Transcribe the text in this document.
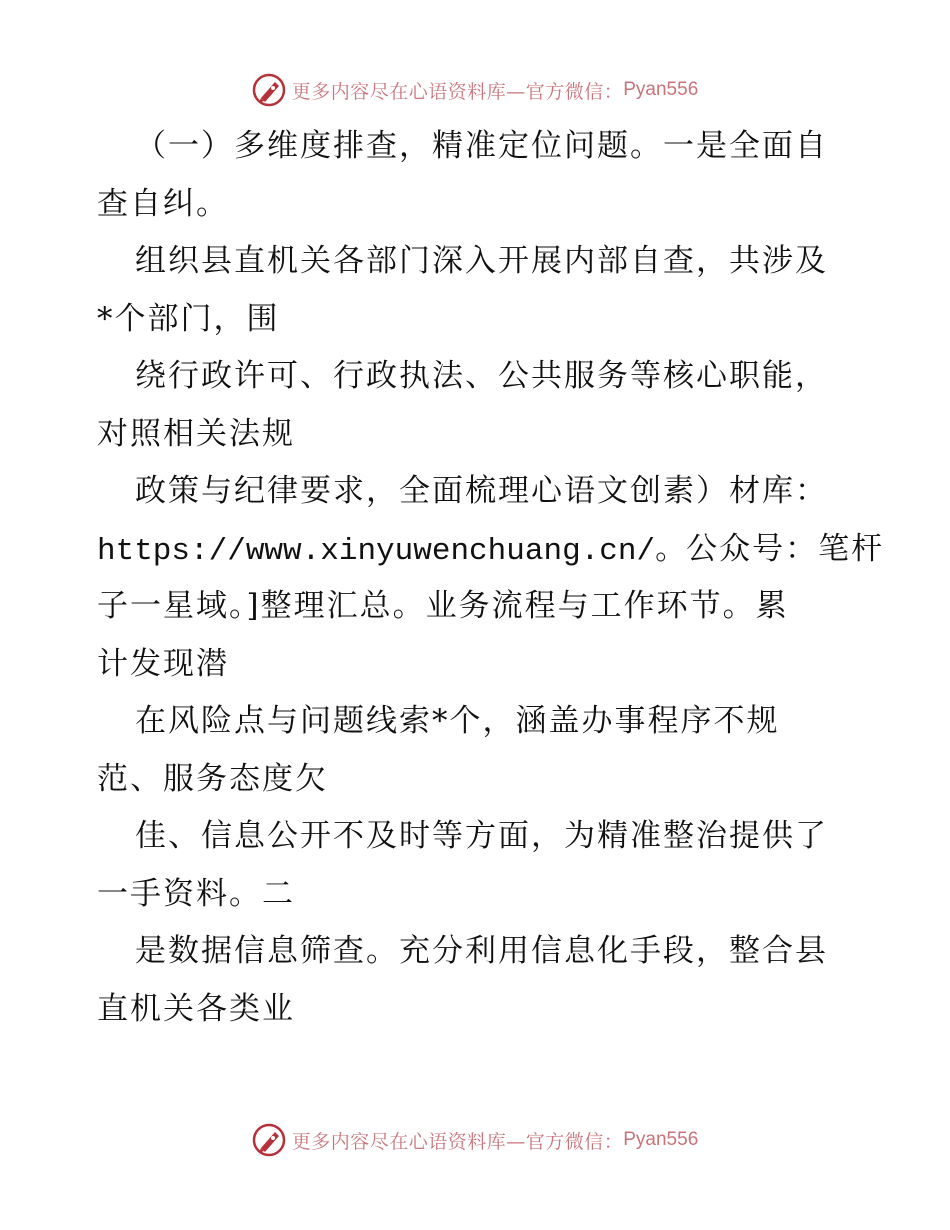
更多内容尽在心语资料库—官方微信： Pyan556
（一）多维度排查，精准定位问题。一是全面自
查自纠。
组织县直机关各部门深入开展内部自查，共涉及
*个部门，围
绕行政许可、行政执法、公共服务等核心职能，
对照相关法规
政策与纪律要求，全面梳理心语文创素）材库：
https://www.xinyuwenchuang.cn/。公众号：笔杆
子一星域。]整理汇总。业务流程与工作环节。累
计发现潜
在风险点与问题线索*个，涵盖办事程序不规
范、服务态度欠
佳、信息公开不及时等方面，为精准整治提供了
一手资料。二
是数据信息筛查。充分利用信息化手段，整合县
直机关各类业
更多内容尽在心语资料库—官方微信： Pyan556
